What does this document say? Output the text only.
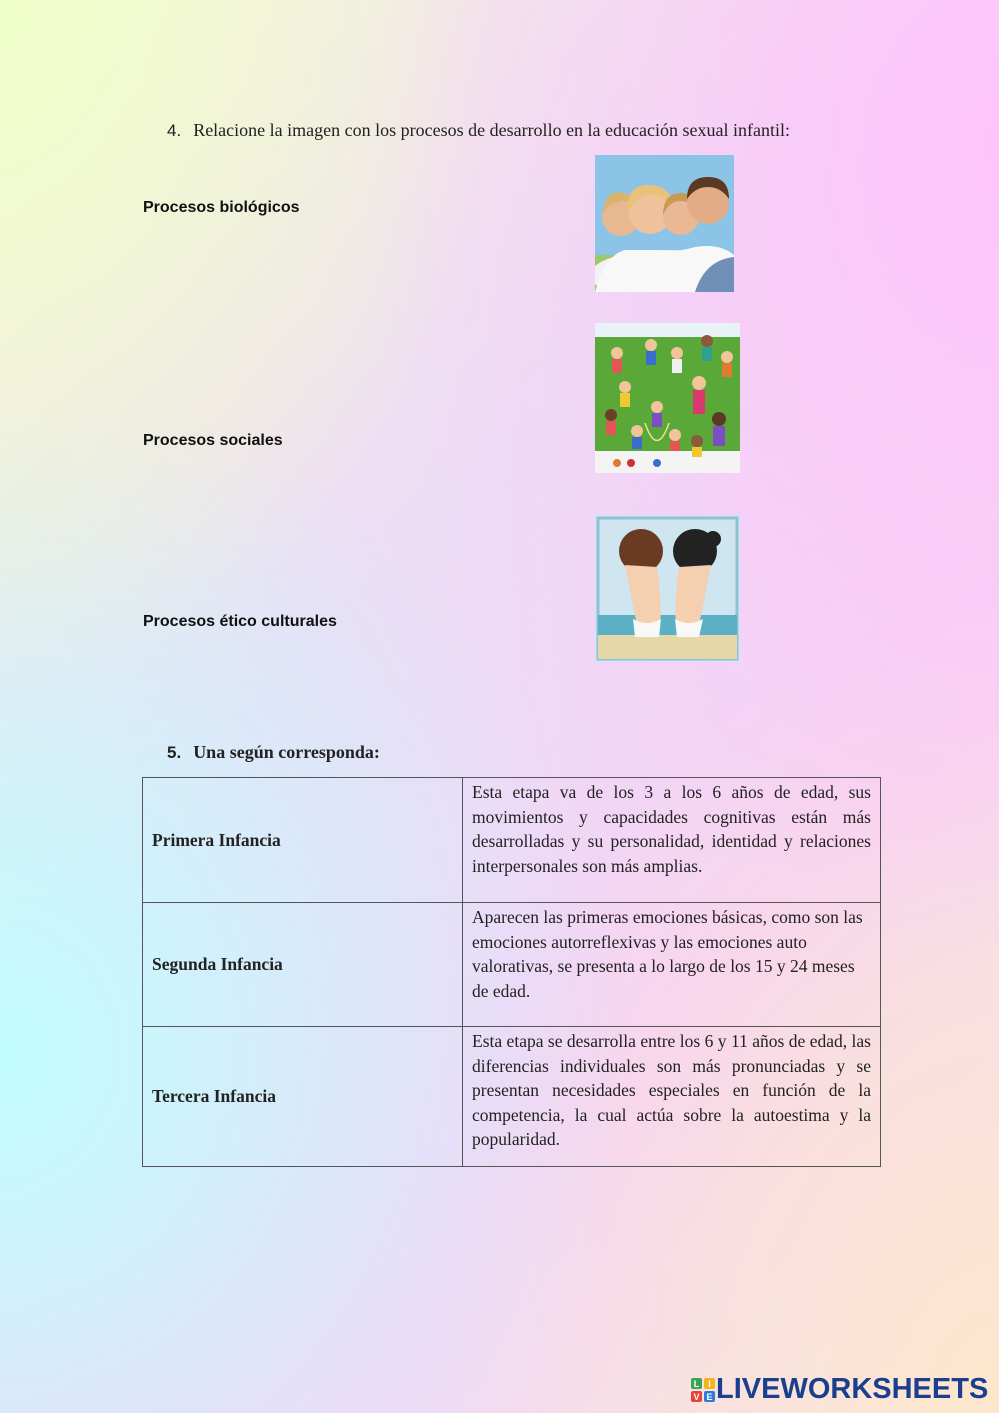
4. Relacione la imagen con los procesos de desarrollo en la educación sexual infantil:
Procesos biológicos
Procesos sociales
Procesos ético culturales
5. Una según corresponda:
Primera Infancia	Esta etapa va de los 3 a los 6 años de edad, sus movimientos y capacidades cognitivas están más desarrolladas y su personalidad, identidad y relaciones interpersonales son más amplias.
Segunda Infancia	Aparecen las primeras emociones básicas, como son las emociones autorreflexivas y las emociones auto valorativas, se presenta a lo largo de los 15 y 24 meses de edad.
Tercera Infancia	Esta etapa se desarrolla entre los 6 y 11 años de edad, las diferencias individuales son más pronunciadas y se presentan necesidades especiales en función de la competencia, la cual actúa sobre la autoestima y la popularidad.
L I
V E LIVEWORKSHEETS
